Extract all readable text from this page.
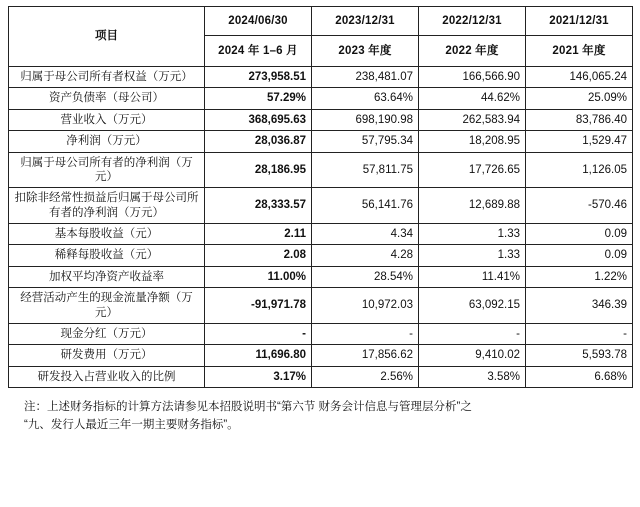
项目	2024/06/30	2023/12/31	2022/12/31	2021/12/31
	2024 年 1–6 月	2023 年度	2022 年度	2021 年度
归属于母公司所有者权益（万元）	273,958.51	238,481.07	166,566.90	146,065.24
资产负债率（母公司）	57.29%	63.64%	44.62%	25.09%
营业收入（万元）	368,695.63	698,190.98	262,583.94	83,786.40
净利润（万元）	28,036.87	57,795.34	18,208.95	1,529.47
归属于母公司所有者的净利润（万元）	28,186.95	57,811.75	17,726.65	1,126.05
扣除非经常性损益后归属于母公司所有者的净利润（万元）	28,333.57	56,141.76	12,689.88	-570.46
基本每股收益（元）	2.11	4.34	1.33	0.09
稀释每股收益（元）	2.08	4.28	1.33	0.09
加权平均净资产收益率	11.00%	28.54%	11.41%	1.22%
经营活动产生的现金流量净额（万元）	-91,971.78	10,972.03	63,092.15	346.39
现金分红（万元）	-	-	-	-
研发费用（万元）	11,696.80	17,856.62	9,410.02	5,593.78
研发投入占营业收入的比例	3.17%	2.56%	3.58%	6.68%
注：上述财务指标的计算方法请参见本招股说明书“第六节 财务会计信息与管理层分析”之
“九、发行人最近三年一期主要财务指标”。
